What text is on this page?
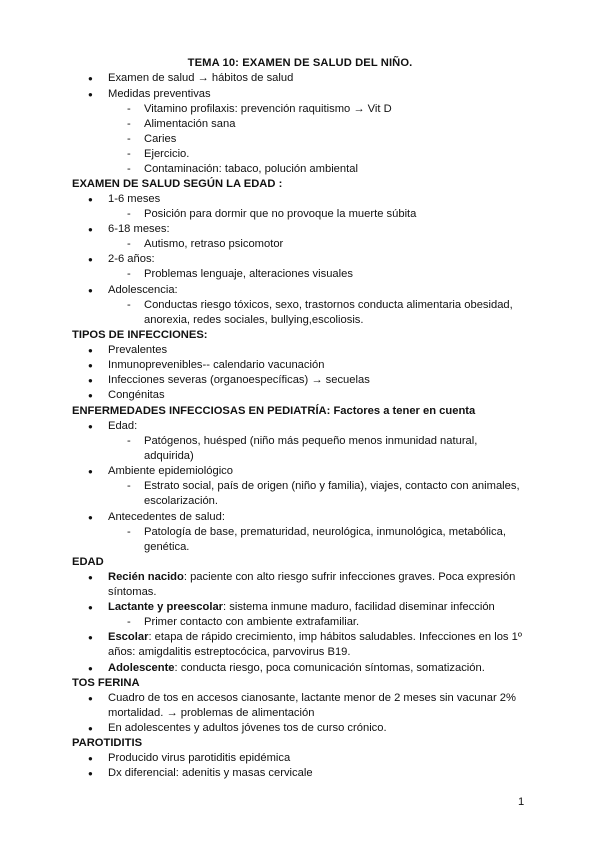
TEMA 10: EXAMEN DE SALUD DEL NIÑO.
● Examen de salud → hábitos de salud
● Medidas preventivas
- Vitamino profilaxis: prevención raquitismo → Vit D
- Alimentación sana
- Caries
- Ejercicio.
- Contaminación: tabaco, polución ambiental
EXAMEN DE SALUD SEGÚN LA EDAD :
● 1-6 meses
- Posición para dormir que no provoque la muerte súbita
● 6-18 meses:
- Autismo, retraso psicomotor
● 2-6 años:
- Problemas lenguaje, alteraciones visuales
● Adolescencia:
- Conductas riesgo tóxicos, sexo, trastornos conducta alimentaria obesidad,
anorexia, redes sociales, bullying,escoliosis.
TIPOS DE INFECCIONES:
● Prevalentes
● Inmunoprevenibles-- calendario vacunación
● Infecciones severas (organoespecíficas) → secuelas
● Congénitas
ENFERMEDADES INFECCIOSAS EN PEDIATRÍA: Factores a tener en cuenta
● Edad:
- Patógenos, huésped (niño más pequeño menos inmunidad natural,
adquirida)
● Ambiente epidemiológico
- Estrato social, país de origen (niño y familia), viajes, contacto con animales,
escolarización.
● Antecedentes de salud:
- Patología de base, prematuridad, neurológica, inmunológica, metabólica,
genética.
EDAD
● Recién nacido: paciente con alto riesgo sufrir infecciones graves. Poca expresión
síntomas.
● Lactante y preescolar: sistema inmune maduro, facilidad diseminar infección
- Primer contacto con ambiente extrafamiliar.
● Escolar: etapa de rápido crecimiento, imp hábitos saludables. Infecciones en los 1º
años: amigdalitis estreptocócica, parvovirus B19.
● Adolescente: conducta riesgo, poca comunicación síntomas, somatización.
TOS FERINA
● Cuadro de tos en accesos cianosante, lactante menor de 2 meses sin vacunar 2%
mortalidad. → problemas de alimentación
● En adolescentes y adultos jóvenes tos de curso crónico.
PAROTIDITIS
● Producido virus parotiditis epidémica
● Dx diferencial: adenitis y masas cervicale
1
